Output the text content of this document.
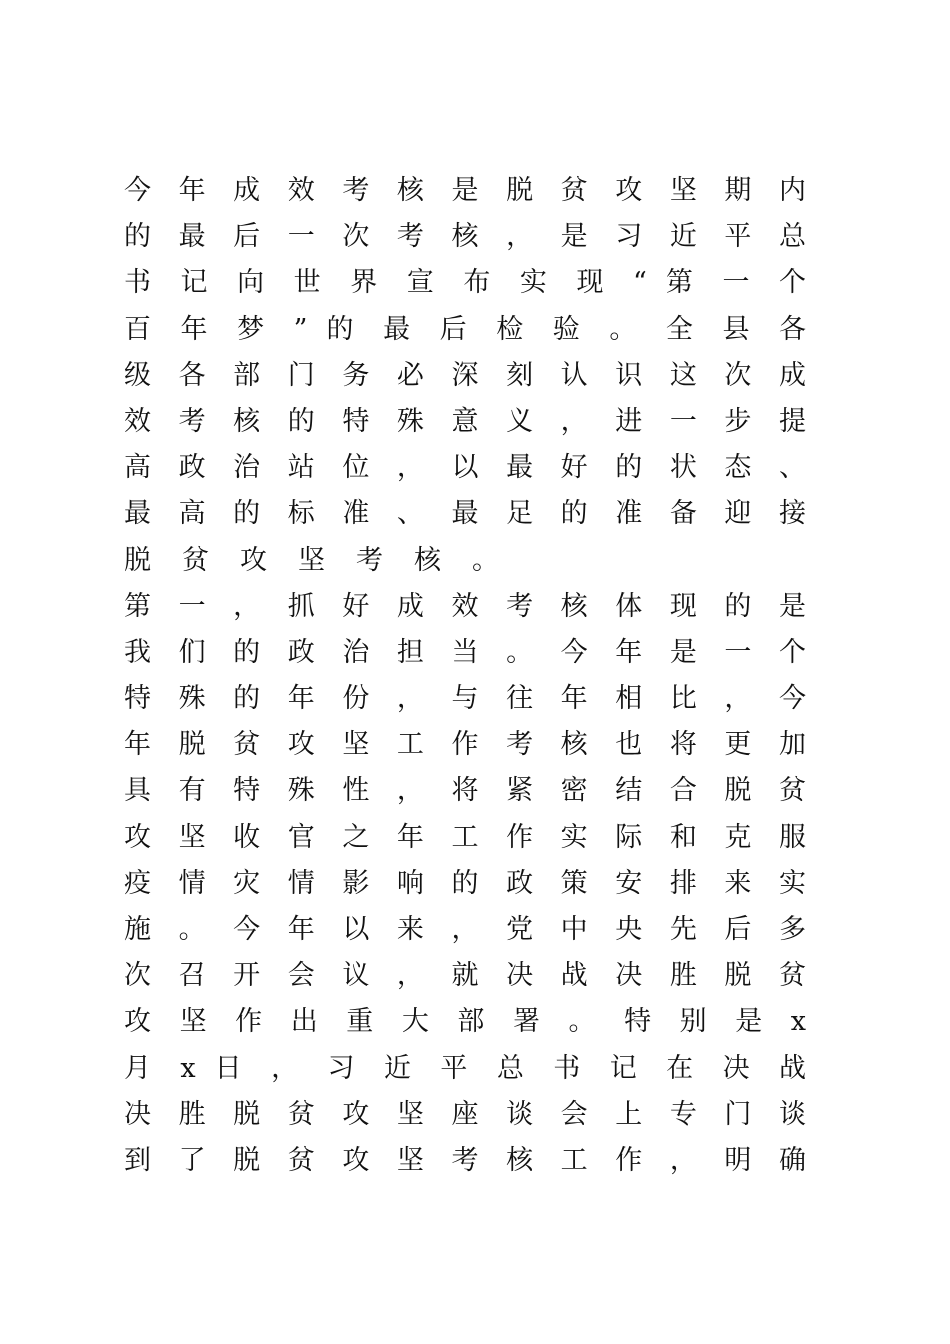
今 年 成 效 考 核 是 脱 贫 攻 坚 期 内
的 最 后 一 次 考 核 ， 是 习 近 平 总
书 记 向 世 界 宣 布 实 现 “ 第 一 个
百 年 梦 ” 的 最 后 检 验 。 全 县 各
级 各 部 门 务 必 深 刻 认 识 这 次 成
效 考 核 的 特 殊 意 义 ， 进 一 步 提
高 政 治 站 位 ， 以 最 好 的 状 态 、
最 高 的 标 准 、 最 足 的 准 备 迎 接
脱 贫 攻 坚 考 核 。
第 一 ， 抓 好 成 效 考 核 体 现 的 是
我 们 的 政 治 担 当 。 今 年 是 一 个
特 殊 的 年 份 ， 与 往 年 相 比 ， 今
年 脱 贫 攻 坚 工 作 考 核 也 将 更 加
具 有 特 殊 性 ， 将 紧 密 结 合 脱 贫
攻 坚 收 官 之 年 工 作 实 际 和 克 服
疫 情 灾 情 影 响 的 政 策 安 排 来 实
施 。 今 年 以 来 ， 党 中 央 先 后 多
次 召 开 会 议 ， 就 决 战 决 胜 脱 贫
攻 坚 作 出 重 大 部 署 。 特 别 是 x
月 x 日 ， 习 近 平 总 书 记 在 决 战
决 胜 脱 贫 攻 坚 座 谈 会 上 专 门 谈
到 了 脱 贫 攻 坚 考 核 工 作 ， 明 确
